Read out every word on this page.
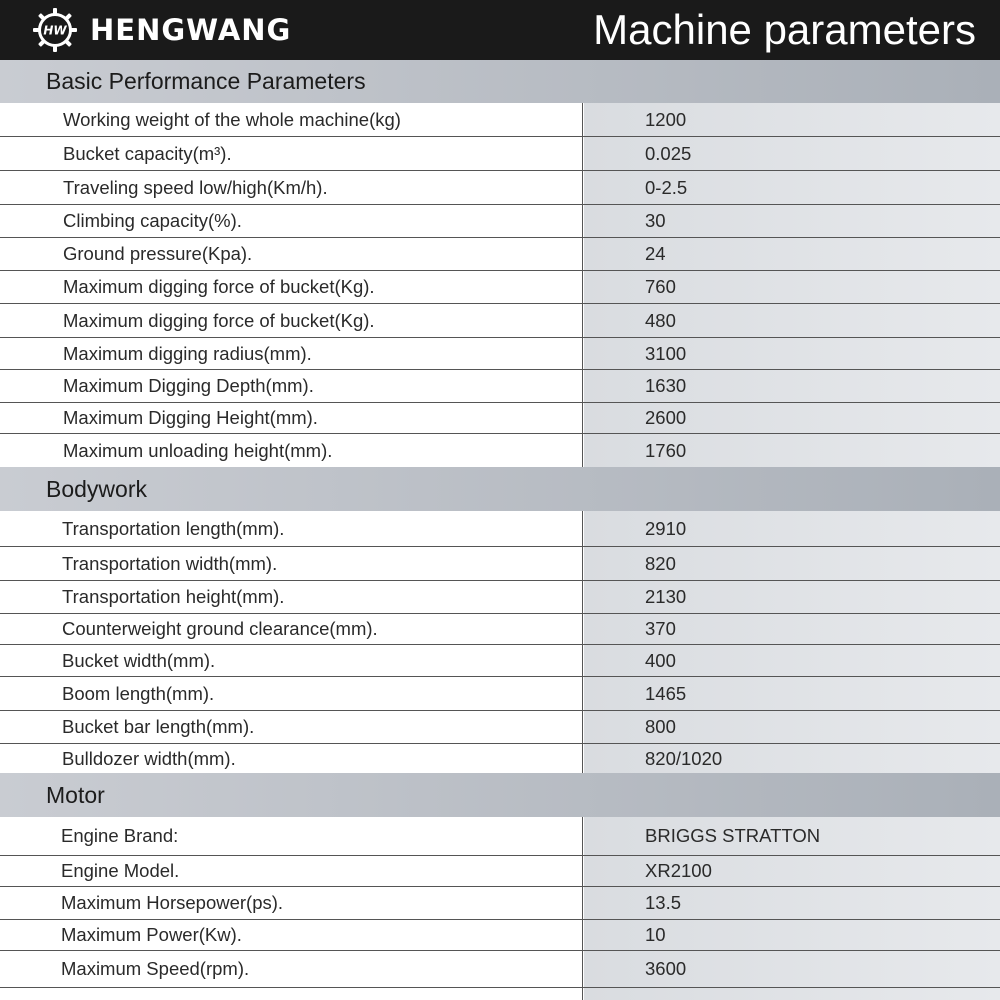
HW HENGWANG	Machine parameters
Basic Performance Parameters
Working weight of the whole machine(kg)	1200
Bucket capacity(m³).	0.025
Traveling speed low/high(Km/h).	0-2.5
Climbing capacity(%).	30
Ground pressure(Kpa).	24
Maximum digging force of bucket(Kg).	760
Maximum digging force of bucket(Kg).	480
Maximum digging radius(mm).	3100
Maximum Digging Depth(mm).	1630
Maximum Digging Height(mm).	2600
Maximum unloading height(mm).	1760
Bodywork
Transportation length(mm).	2910
Transportation width(mm).	820
Transportation height(mm).	2130
Counterweight ground clearance(mm).	370
Bucket width(mm).	400
Boom length(mm).	1465
Bucket bar length(mm).	800
Bulldozer width(mm).	820/1020
Motor
Engine Brand:	BRIGGS STRATTON
Engine Model.	XR2100
Maximum Horsepower(ps).	13.5
Maximum Power(Kw).	10
Maximum Speed(rpm).	3600
